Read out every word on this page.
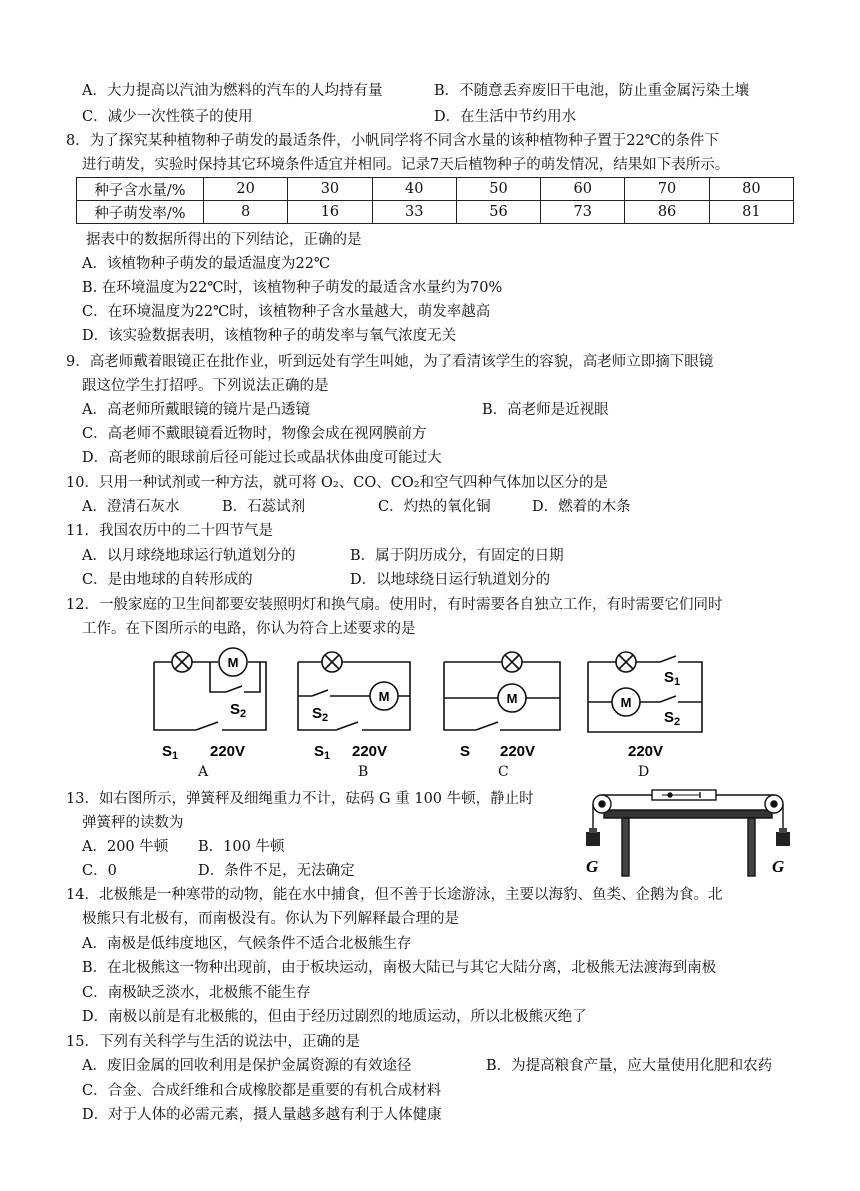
A．大力提高以汽油为燃料的汽车的人均持有量	B．不随意丢弃废旧干电池，防止重金属污染土壤
C．减少一次性筷子的使用	D．在生活中节约用水
8．为了探究某种植物种子萌发的最适条件，小帆同学将不同含水量的该种植物种子置于22℃的条件下
进行萌发，实验时保持其它环境条件适宜并相同。记录7天后植物种子的萌发情况，结果如下表所示。
种子含水量/%	20	30	40	50	60	70	80
种子萌发率/%	8	16	33	56	73	86	81
据表中的数据所得出的下列结论，正确的是
A．该植物种子萌发的最适温度为22℃
B. 在环境温度为22℃时，该植物种子萌发的最适含水量约为70%
C．在环境温度为22℃时，该植物种子含水量越大，萌发率越高
D．该实验数据表明，该植物种子的萌发率与氧气浓度无关
9．高老师戴着眼镜正在批作业，听到远处有学生叫她，为了看清该学生的容貌，高老师立即摘下眼镜
跟这位学生打招呼。下列说法正确的是
A．高老师所戴眼镜的镜片是凸透镜	B．高老师是近视眼
C．高老师不戴眼镜看近物时，物像会成在视网膜前方
D．高老师的眼球前后径可能过长或晶状体曲度可能过大
10．只用一种试剂或一种方法，就可将 O₂、CO、CO₂和空气四种气体加以区分的是
A．澄清石灰水	B．石蕊试剂	C．灼热的氧化铜	D．燃着的木条
11．我国农历中的二十四节气是
A．以月球绕地球运行轨道划分的	B．属于阴历成分，有固定的日期
C．是由地球的自转形成的	D．以地球绕日运行轨道划分的
12．一般家庭的卫生间都要安装照明灯和换气扇。使用时，有时需要各自独立工作，有时需要它们同时
工作。在下图所示的电路，你认为符合上述要求的是
M
$S_2$
$S_1$ 220V
M
$S_2$
$S_1$ 220V
M
S 220V
M
$S_1$
$S_2$
220V
A	B	C	D
13．如右图所示，弹簧秤及细绳重力不计，砝码 G 重 100 牛顿，静止时
弹簧秤的读数为
A．200 牛顿 B．100 牛顿
C．0	D．条件不足，无法确定	G	G
14．北极熊是一种寒带的动物，能在水中捕食，但不善于长途游泳，主要以海豹、鱼类、企鹅为食。北
极熊只有北极有，而南极没有。你认为下列解释最合理的是
A．南极是低纬度地区，气候条件不适合北极熊生存
B．在北极熊这一物种出现前，由于板块运动，南极大陆已与其它大陆分离，北极熊无法渡海到南极
C．南极缺乏淡水，北极熊不能生存
D．南极以前是有北极熊的，但由于经历过剧烈的地质运动，所以北极熊灭绝了
15．下列有关科学与生活的说法中，正确的是
A．废旧金属的回收利用是保护金属资源的有效途径	B．为提高粮食产量，应大量使用化肥和农药
C．合金、合成纤维和合成橡胶都是重要的有机合成材料
D．对于人体的必需元素，摄人量越多越有利于人体健康
